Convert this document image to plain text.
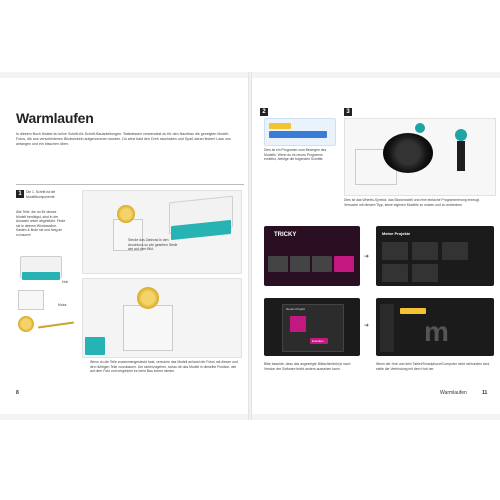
Warmlaufen
In diesem Buch findest du keine Schritt-für-Schritt-Bauanleitungen. Stattdessen verwendest du für den Nachbau die gezeigten Modell-Fotos, die aus verschiedenen Blickwinkeln aufgenommen wurden. Du wirst bald den Dreh raushaben und Spaß daran finden! Lass uns anfangen und ein bisschen üben.
1	Die 1. Schritt ist die Modellkomponente
Alle Teile, die du für dieses Modell benötigst, sind in der Auswahl unten abgebildet. Finde sie in deinem Windowsline-Kasten & finde sie und fang an zu bauen!
Hub
Motor
Stecke das Zahnrad in den Anschluss so wie gesehen Stelle wie auf dem Bild.
Wenn du die Teile zusammengesteckt hast, versuche das Modell anhand der Fotos mit diesen und den richtigen Teile vorzubauen. Um sicherzugehen, schau dir das Modell in dieselbe Position, wie auf dem Foto und vergleiche es beim Bau immer wieder.
8
2
Dies ist ein Programm zum Bewegen des Modells. Wenn du es neues Programm erstellst, befolge die folgenden Schritte:
3
Dies ist das Wheels-Symbol, das Blockmodell und eine einfache Programmierung erzeugt. Versuche mit diesem Tipp, keine eigenen Modelle zu nutzen und zu entdecken.
TRICKY
➜
Meine Projekte
Neues Projekt
Erstellen
➜ m
Bitte beachte, dass das angezeigte Bildschirmbild je nach Version der Software leicht anders aussehen kann.
Wenn der Hub und dein Tablet/Smartphone/Computer nicht verbunden sind, stelle die Verbindung mit dem Hub her.
Warmlaufen	11
